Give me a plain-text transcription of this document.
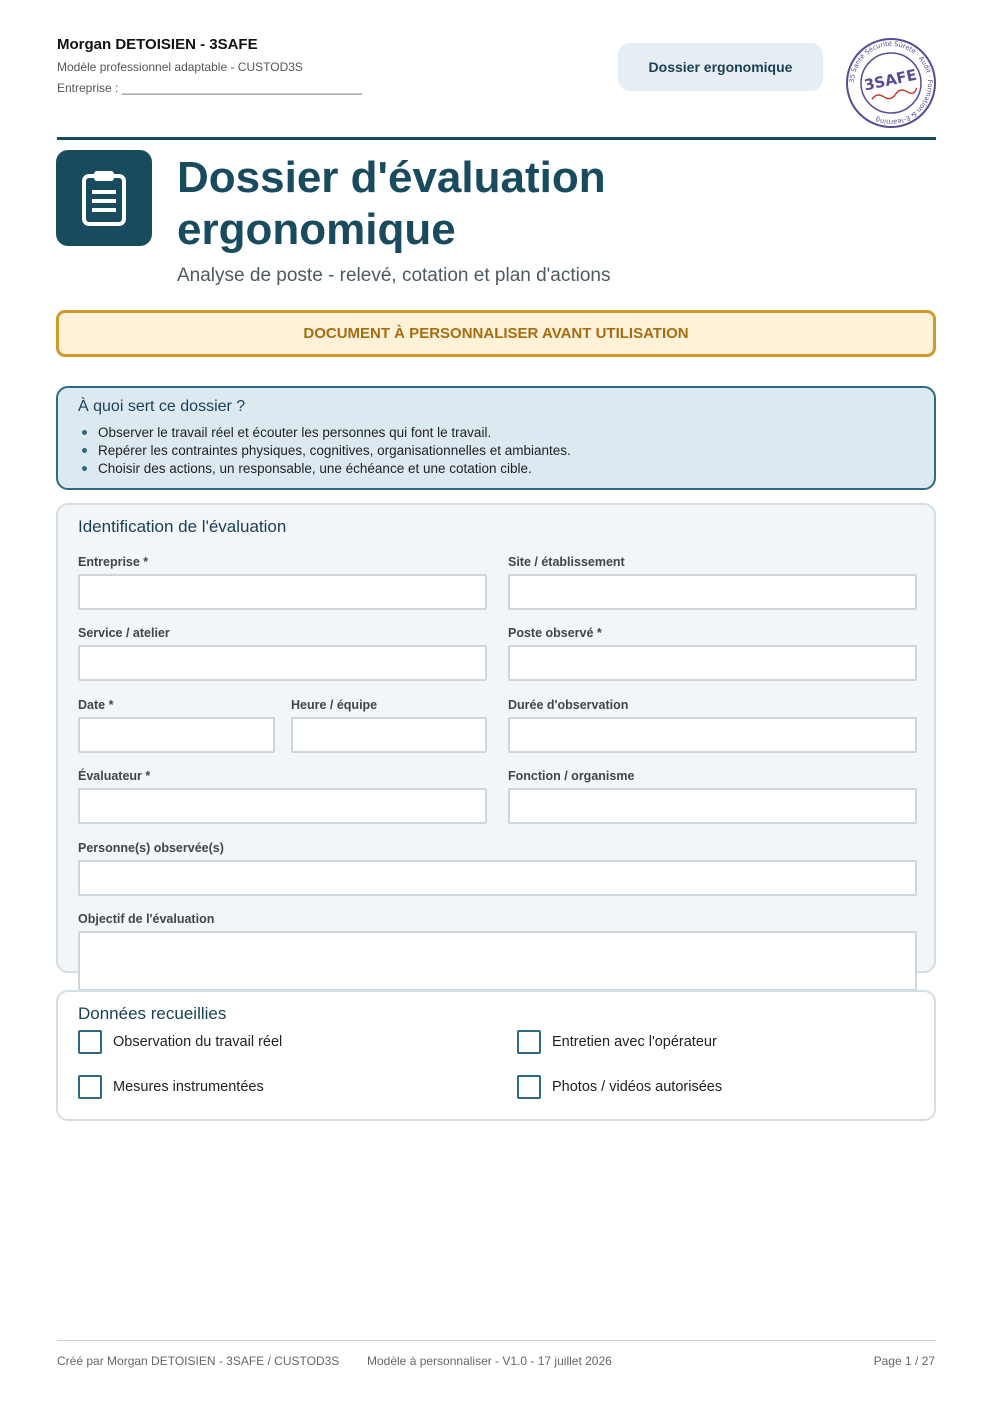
Morgan DETOISIEN - 3SAFE
Modèle professionnel adaptable - CUSTOD3S
Entreprise : ____________________________________
Dossier ergonomique
3S Santé Sécurité Sûreté · Audit · Formation & E-learning
3SAFE
Dossier d'évaluation
ergonomique
Analyse de poste - relevé, cotation et plan d'actions
DOCUMENT À PERSONNALISER AVANT UTILISATION
À quoi sert ce dossier ?
Observer le travail réel et écouter les personnes qui font le travail.
Repérer les contraintes physiques, cognitives, organisationnelles et ambiantes.
Choisir des actions, un responsable, une échéance et une cotation cible.
Identification de l'évaluation
Entreprise *	Site / établissement
Service / atelier	Poste observé *
Date *	Heure / équipe	Durée d'observation
Évaluateur *	Fonction / organisme
Personne(s) observée(s)
Objectif de l'évaluation
Données recueillies
Observation du travail réel	Entretien avec l'opérateur
Mesures instrumentées	Photos / vidéos autorisées
Créé par Morgan DETOISIEN - 3SAFE / CUSTOD3S Modèle à personnaliser - V1.0 - 17 juillet 2026	Page 1 / 27
